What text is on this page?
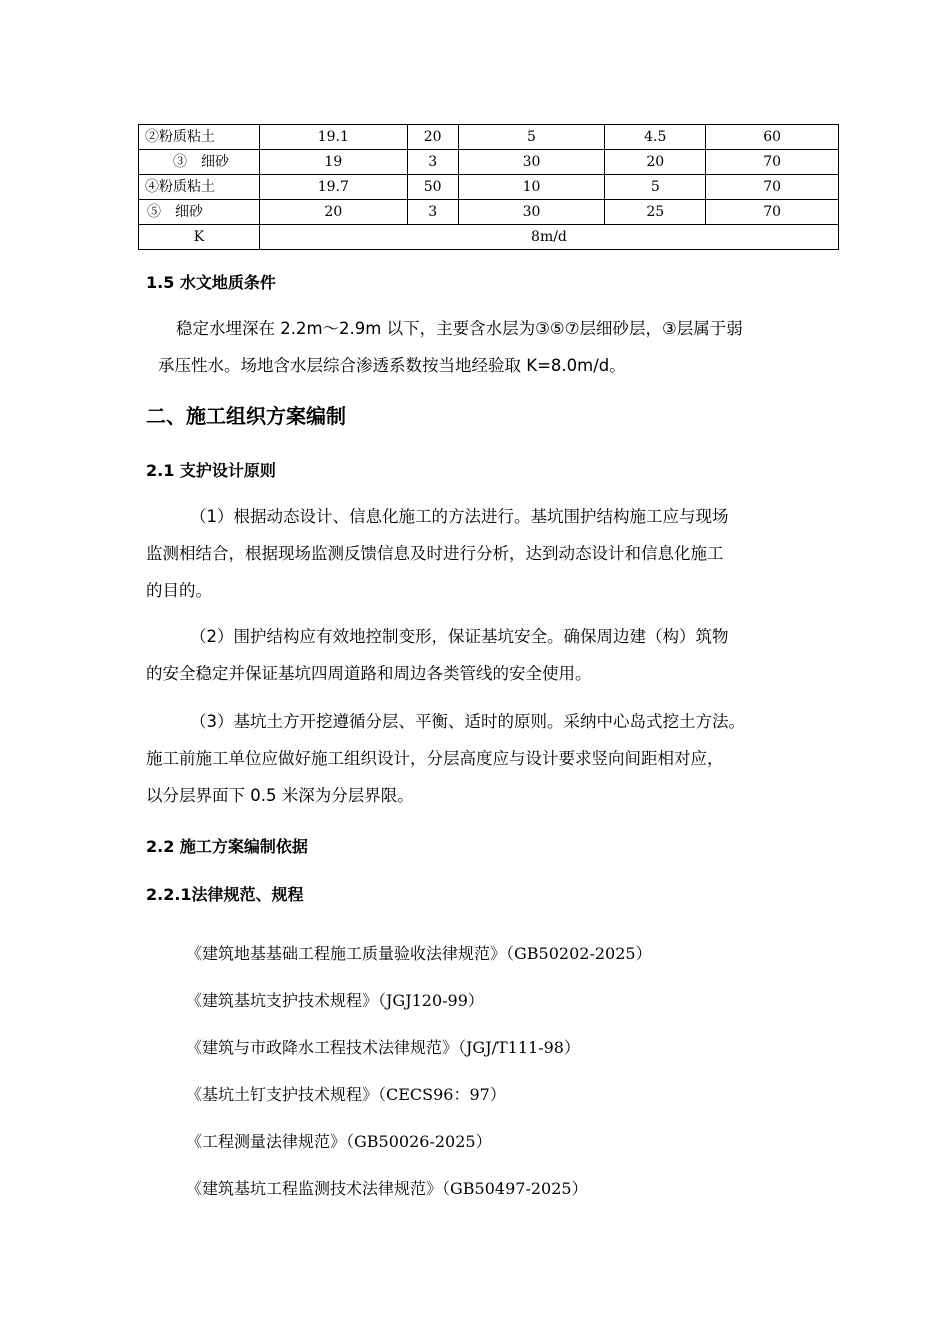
②粉质粘土	19.1	20	5	4.5	60
③　细砂	19	3	30	20	70
④粉质粘土	19.7	50	10	5	70
⑤　细砂	20	3	30	25	70
K	8m/d				
1.5 水文地质条件
稳定水埋深在 2.2m～2.9m 以下，主要含水层为③⑤⑦层细砂层，③层属于弱
承压性水。场地含水层综合渗透系数按当地经验取 K=8.0m/d。
二、施工组织方案编制
2.1 支护设计原则
（1）根据动态设计、信息化施工的方法进行。基坑围护结构施工应与现场
监测相结合，根据现场监测反馈信息及时进行分析，达到动态设计和信息化施工
的目的。
（2）围护结构应有效地控制变形，保证基坑安全。确保周边建（构）筑物
的安全稳定并保证基坑四周道路和周边各类管线的安全使用。
（3）基坑土方开挖遵循分层、平衡、适时的原则。采纳中心岛式挖土方法。
施工前施工单位应做好施工组织设计，分层高度应与设计要求竖向间距相对应，
以分层界面下 0.5 米深为分层界限。
2.2 施工方案编制依据
2.2.1法律规范、规程
《建筑地基基础工程施工质量验收法律规范》（GB50202-2025）
《建筑基坑支护技术规程》（JGJ120-99）
《建筑与市政降水工程技术法律规范》（JGJ/T111-98）
《基坑土钉支护技术规程》（CECS96：97）
《工程测量法律规范》（GB50026-2025）
《建筑基坑工程监测技术法律规范》（GB50497-2025）
